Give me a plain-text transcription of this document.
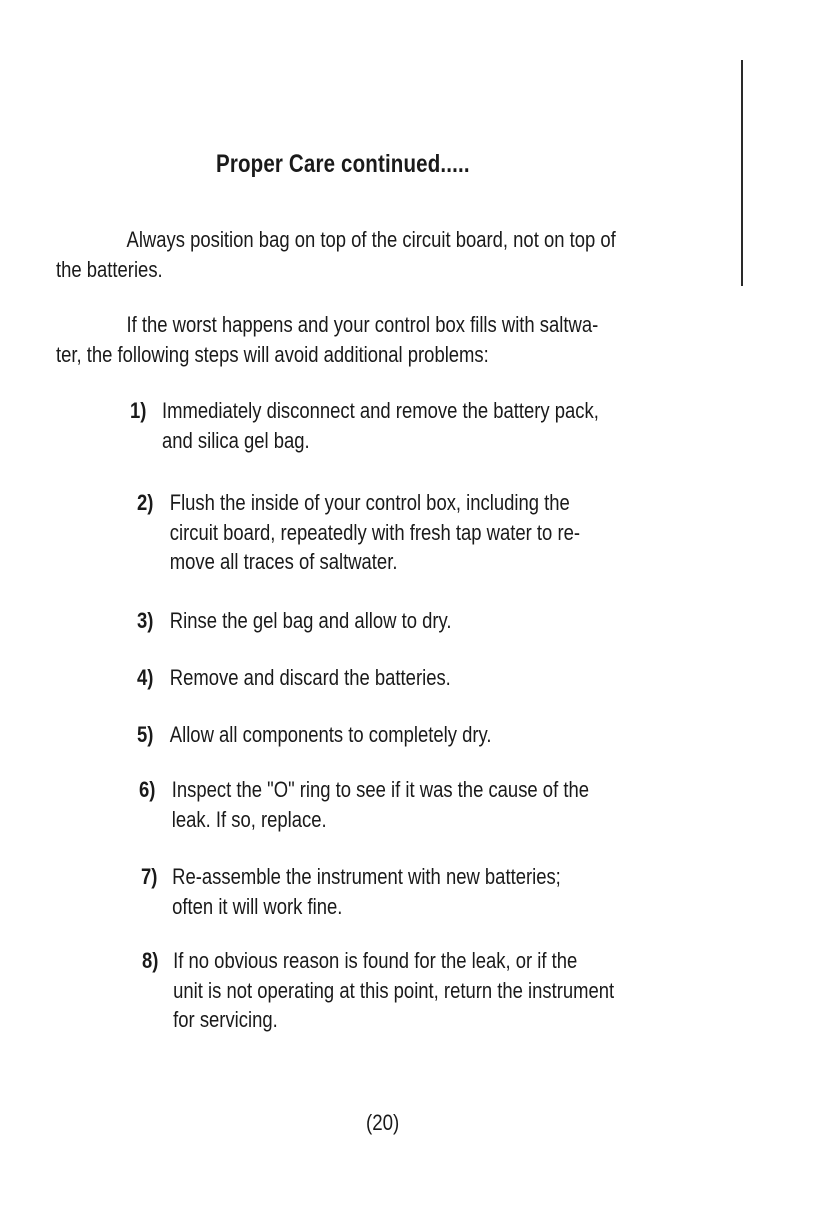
Proper Care continued.....
Always position bag on top of the circuit board, not on top of
the batteries.
If the worst happens and your control box fills with saltwa-
ter, the following steps will avoid additional problems:
1) Immediately disconnect and remove the battery pack,
and silica gel bag.
2) Flush the inside of your control box, including the
circuit board, repeatedly with fresh tap water to re-
move all traces of saltwater.
3) Rinse the gel bag and allow to dry.
4) Remove and discard the batteries.
5) Allow all components to completely dry.
6) Inspect the "O" ring to see if it was the cause of the
leak. If so, replace.
7) Re-assemble the instrument with new batteries;
often it will work fine.
8) If no obvious reason is found for the leak, or if the
unit is not operating at this point, return the instrument
for servicing.
(20)
